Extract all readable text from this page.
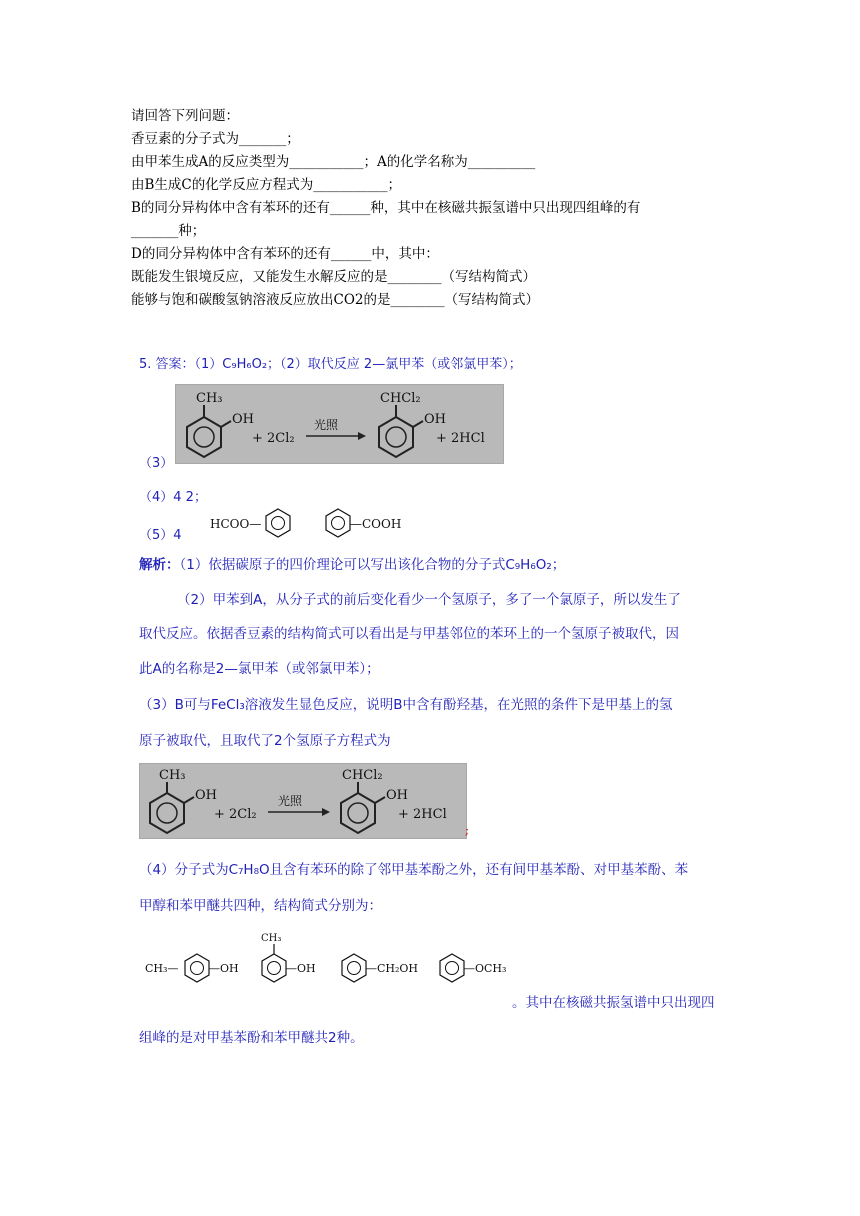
请回答下列问题：
香豆素的分子式为_______；
由甲苯生成A的反应类型为___________；A的化学名称为__________
由B生成C的化学反应方程式为___________；
B的同分异构体中含有苯环的还有______种，其中在核磁共振氢谱中只出现四组峰的有
_______种；
D的同分异构体中含有苯环的还有______中，其中：
既能发生银境反应，又能发生水解反应的是________（写结构简式）
能够与饱和碳酸氢钠溶液反应放出CO2的是________（写结构简式）
5. 答案：（1）C₉H₆O₂；（2）取代反应 2—氯甲苯（或邻氯甲苯）；
CH₃
OH
+ 2Cl₂
光照
CHCl₂
OH
+ 2HCl
（3）
（4）4 2；
（5）4
HCOO—	—COOH
解析：（1）依据碳原子的四价理论可以写出该化合物的分子式C₉H₆O₂；
（2）甲苯到A，从分子式的前后变化看少一个氢原子，多了一个氯原子，所以发生了
取代反应。依据香豆素的结构简式可以看出是与甲基邻位的苯环上的一个氢原子被取代，因
此A的名称是2—氯甲苯（或邻氯甲苯）；
（3）B可与FeCl₃溶液发生显色反应，说明B中含有酚羟基，在光照的条件下是甲基上的氢
原子被取代，且取代了2个氢原子方程式为
CH₃
OH
+ 2Cl₂
光照
CHCl₂
OH
+ 2HCl
;
（4）分子式为C₇H₈O且含有苯环的除了邻甲基苯酚之外，还有间甲基苯酚、对甲基苯酚、苯
甲醇和苯甲醚共四种，结构简式分别为：
CH₃—	—OH
CH₃
—OH	—CH₂OH	—OCH₃
。其中在核磁共振氢谱中只出现四
组峰的是对甲基苯酚和苯甲醚共2种。
